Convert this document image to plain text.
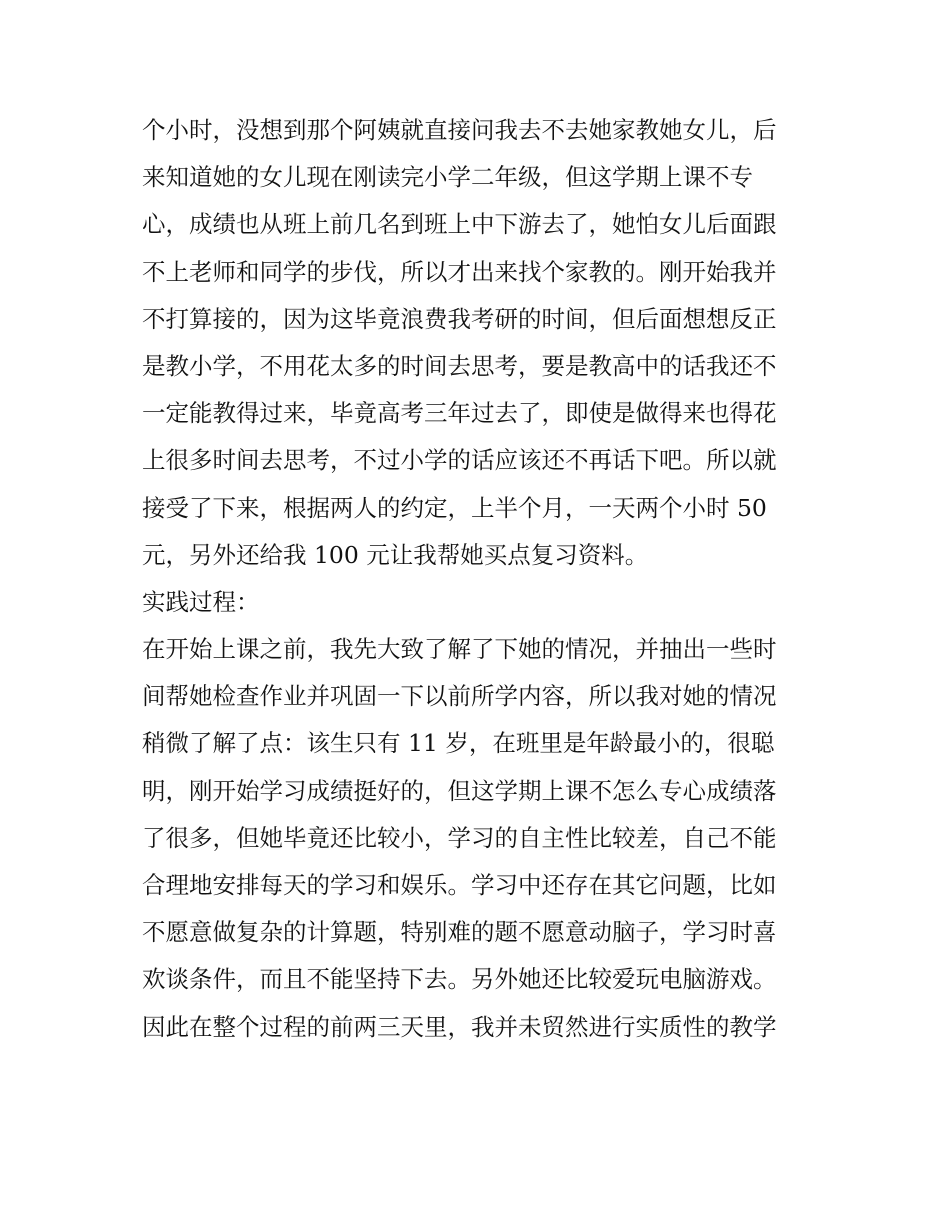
个小时，没想到那个阿姨就直接问我去不去她家教她女儿，后
来知道她的女儿现在刚读完小学二年级，但这学期上课不专
心，成绩也从班上前几名到班上中下游去了，她怕女儿后面跟
不上老师和同学的步伐，所以才出来找个家教的。刚开始我并
不打算接的，因为这毕竟浪费我考研的时间，但后面想想反正
是教小学，不用花太多的时间去思考，要是教高中的话我还不
一定能教得过来，毕竟高考三年过去了，即使是做得来也得花
上很多时间去思考，不过小学的话应该还不再话下吧。所以就
接受了下来，根据两人的约定，上半个月，一天两个小时 50
元，另外还给我 100 元让我帮她买点复习资料。
实践过程：
在开始上课之前，我先大致了解了下她的情况，并抽出一些时
间帮她检查作业并巩固一下以前所学内容，所以我对她的情况
稍微了解了点：该生只有 11 岁，在班里是年龄最小的，很聪
明，刚开始学习成绩挺好的，但这学期上课不怎么专心成绩落
了很多，但她毕竟还比较小，学习的自主性比较差，自己不能
合理地安排每天的学习和娱乐。学习中还存在其它问题，比如
不愿意做复杂的计算题，特别难的题不愿意动脑子，学习时喜
欢谈条件，而且不能坚持下去。另外她还比较爱玩电脑游戏。
因此在整个过程的前两三天里，我并未贸然进行实质性的教学
